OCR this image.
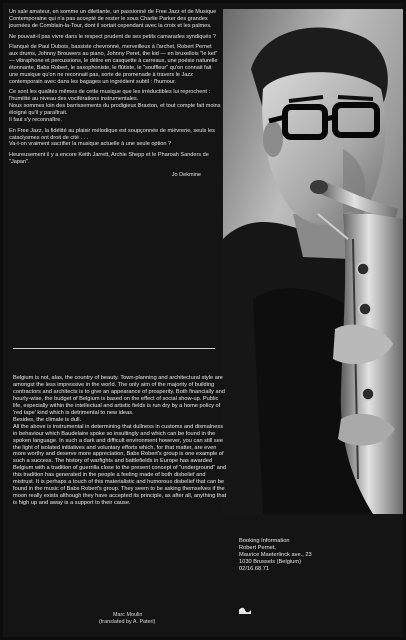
Un sale amateur, en somme un dilettante, un passionné de Free Jazz et de Musique Contemporaine qui n'a pas accepté de rester le sous Charlie Parker des grandes journées de Comblain-la-Tour, dont il sortait cependant avec la croix et les palmes.

Ne pouvait-il pas vivre dans le respect prudent de ses petits camarades syndiqués ?

Flanqué de Paul Dubois, bassiste chevronné, merveilleux à l'archet, Robert Pernet aux drums, Johnny Brouwers au piano, Johnny Peret, the kid — en bruxellois "le ket" — vibraphone et percussions, le délire en casquette à carreaux, une poésie naturelle étonnante, Babs Robert, le saxophoniste, le flûtiste, le "souffleur" qu'on connait fait une musique qu'on ne reconnait pas, sorte de promenade à travers le Jazz contemporain avec dans les bagages un ingrédient subtil : l'humour.

Ce sont les qualités mêmes de cette musique que les irréductibles lui reprochent : l'humilité au niveau des vociférations instrumentales.

Nous sommes loin des barrissements du prodigieux Braxton, et tout compte fait moins éloigné qu'il y paraîtrait.

Il faut s'y reconnaître.

En Free Jazz, la fidélité au plaisir mélodique est soupçonnée de mièvrerie, seuls les cataclysmes ont droit de cité . . .

Va-t-on vraiment sacrifier la musique actuelle à une seule option ?

Heureusement il y a encore Keith Jarrett, Archie Shepp et le Pharoah Sanders de "Japan".

Jo Dekmine

Belgium is not, alas, the country of beauty. Town-planning and architectural style are amongst the less impressive in the world. The only aim of the majority of building contractors and architects is to give an appearance of prosperity. Both financially and hourly-wise, the budget of Belgium is based on the effect of social show-up. Public life, especially within the intellectual and artistic fields is run dry by a home policy of 'red tape' kind which is detrimental to new ideas.

Besides, the climate is dull.

All the above is instrumental in determining that dullness in customs and dismalness in behaviour which Baudelaire spoke so insultingly and which can be found in the spoken language. In such a dark and difficult environment however, you can still see the light of isolated initiatives and voluntary efforts which, for that matter, are even more worthy and deserve more appreciation, Babs Robert's group is one example of such a success. The history of warfights and battlefields in Europe has awarded Belgium with a tradition of guerrilla close to the present concept of "underground" and this tradition has generated in the people a feeling made of both disbelief and mistrust. It is perhaps a touch of this materialistic and humorous disbelief that can be found in the music of Babs Robert's group. They seem to be asking themselves if the moon really exists although they have accepted its principle, as after all, anything that is high up and away is a support to their cause.

Marc Moulin
(translated by A. Pateri)
Booking Information
Robert Pernet,
Maurice Maeterlinck ave., 23
1030 Brussels (Belgium)
02/16.68.71
